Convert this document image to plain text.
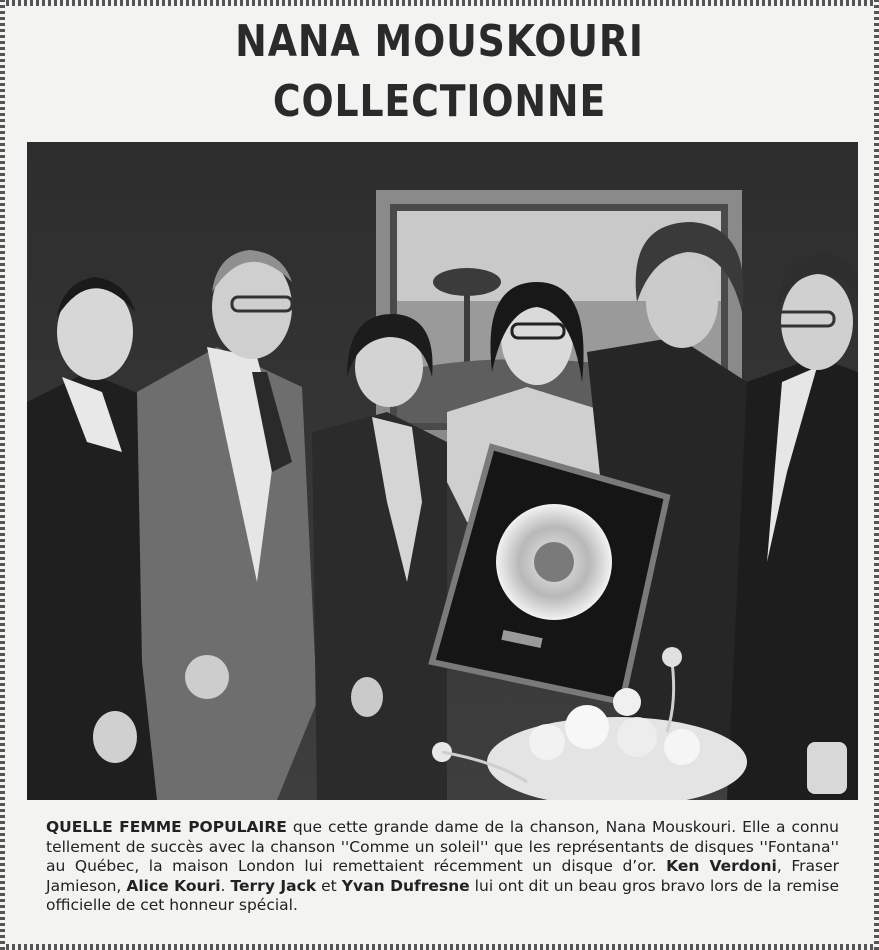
NANA MOUSKOURI COLLECTIONNE

QUELLE FEMME POPULAIRE que cette grande dame de la chanson, Nana Mouskouri. Elle a connu tellement de succès avec la chanson ''Comme un soleil'' que les représentants de disques ''Fontana'' au Québec, la maison London lui remettaient récemment un disque d’or. Ken Verdoni, Fraser Jamieson, Alice Kouri. Terry Jack et Yvan Dufresne lui ont dit un beau gros bravo lors de la remise officielle de cet honneur spécial.
